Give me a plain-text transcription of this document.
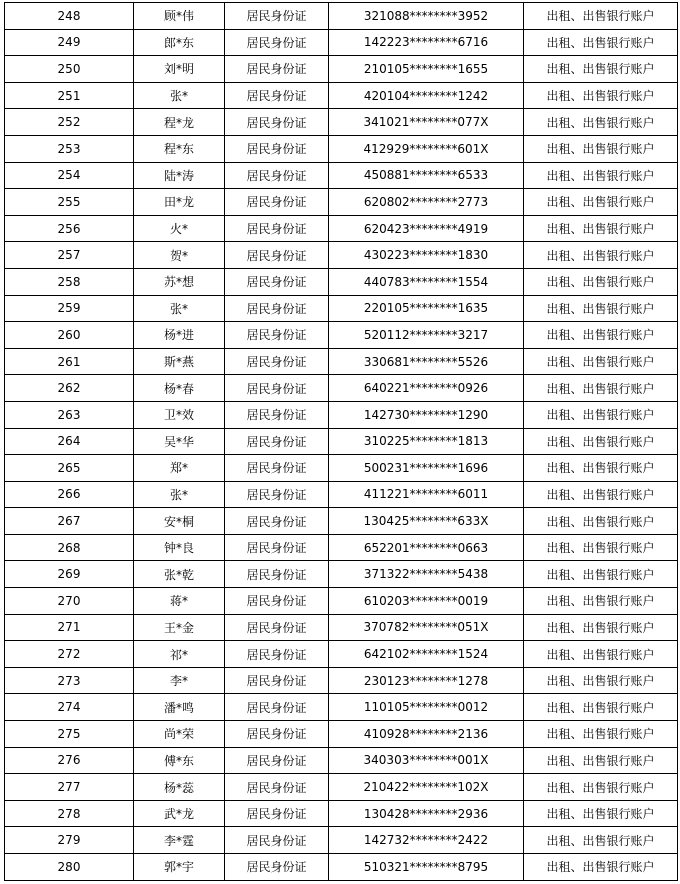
248	顾*伟	居民身份证	321088********3952	出租、出售银行账户
249	郎*东	居民身份证	142223********6716	出租、出售银行账户
250	刘*明	居民身份证	210105********1655	出租、出售银行账户
251	张*	居民身份证	420104********1242	出租、出售银行账户
252	程*龙	居民身份证	341021********077X	出租、出售银行账户
253	程*东	居民身份证	412929********601X	出租、出售银行账户
254	陆*涛	居民身份证	450881********6533	出租、出售银行账户
255	田*龙	居民身份证	620802********2773	出租、出售银行账户
256	火*	居民身份证	620423********4919	出租、出售银行账户
257	贺*	居民身份证	430223********1830	出租、出售银行账户
258	苏*想	居民身份证	440783********1554	出租、出售银行账户
259	张*	居民身份证	220105********1635	出租、出售银行账户
260	杨*进	居民身份证	520112********3217	出租、出售银行账户
261	斯*燕	居民身份证	330681********5526	出租、出售银行账户
262	杨*春	居民身份证	640221********0926	出租、出售银行账户
263	卫*效	居民身份证	142730********1290	出租、出售银行账户
264	吴*华	居民身份证	310225********1813	出租、出售银行账户
265	郑*	居民身份证	500231********1696	出租、出售银行账户
266	张*	居民身份证	411221********6011	出租、出售银行账户
267	安*桐	居民身份证	130425********633X	出租、出售银行账户
268	钟*良	居民身份证	652201********0663	出租、出售银行账户
269	张*乾	居民身份证	371322********5438	出租、出售银行账户
270	蒋*	居民身份证	610203********0019	出租、出售银行账户
271	王*金	居民身份证	370782********051X	出租、出售银行账户
272	祁*	居民身份证	642102********1524	出租、出售银行账户
273	李*	居民身份证	230123********1278	出租、出售银行账户
274	潘*鸣	居民身份证	110105********0012	出租、出售银行账户
275	尚*荣	居民身份证	410928********2136	出租、出售银行账户
276	傅*东	居民身份证	340303********001X	出租、出售银行账户
277	杨*蕊	居民身份证	210422********102X	出租、出售银行账户
278	武*龙	居民身份证	130428********2936	出租、出售银行账户
279	李*霆	居民身份证	142732********2422	出租、出售银行账户
280	郭*宇	居民身份证	510321********8795	出租、出售银行账户
